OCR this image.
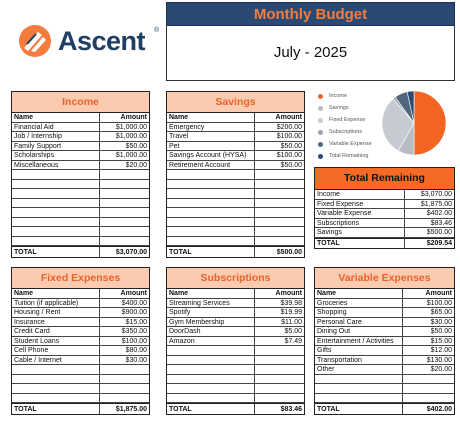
Ascent ®
Monthly Budget
July - 2025
Income
Savings
Fixed Expense
Subscriptions
Variable Expense
Total Remaining
Income
Name	Amount
Financial Aid	$1,000.00
Job / Internship	$1,000.00
Family Support	$50.00
Scholarships	$1,000.00
Miscellaneous	$20.00
TOTAL	$3,070.00
Savings
Name	Amount
Emergency	$200.00
Travel	$100.00
Pet	$50.00
Savings Account (HYSA)	$100.00
Retirement Account	$50.00
TOTAL	$500.00
Fixed Expenses
Name	Amount
Tuition (if applicable)	$400.00
Housing / Rent	$900.00
Insurance	$15.00
Credit Card	$350.00
Student Loans	$100.00
Cell Phone	$80.00
Cable / Internet	$30.00
TOTAL	$1,875.00
Subscriptions
Name	Amount
Streaming Services	$39.98
Spotify	$19.99
Gym Membership	$11.00
DoorDash	$5.00
Amazon	$7.49
TOTAL	$83.46
Variable Expenses
Name	Amount
Groceries	$100.00
Shopping	$65.00
Personal Care	$30.00
Dining Out	$50.00
Entertainment / Activities	$15.00
Gifts	$12.00
Transportation	$130.00
Other	$20.00
TOTAL	$402.00
Total Remaining
Income	$3,070.00
Fixed Expense	$1,875.00
Variable Expense	$402.00
Subscriptions	$83.46
Savings	$500.00
TOTAL	$209.54
